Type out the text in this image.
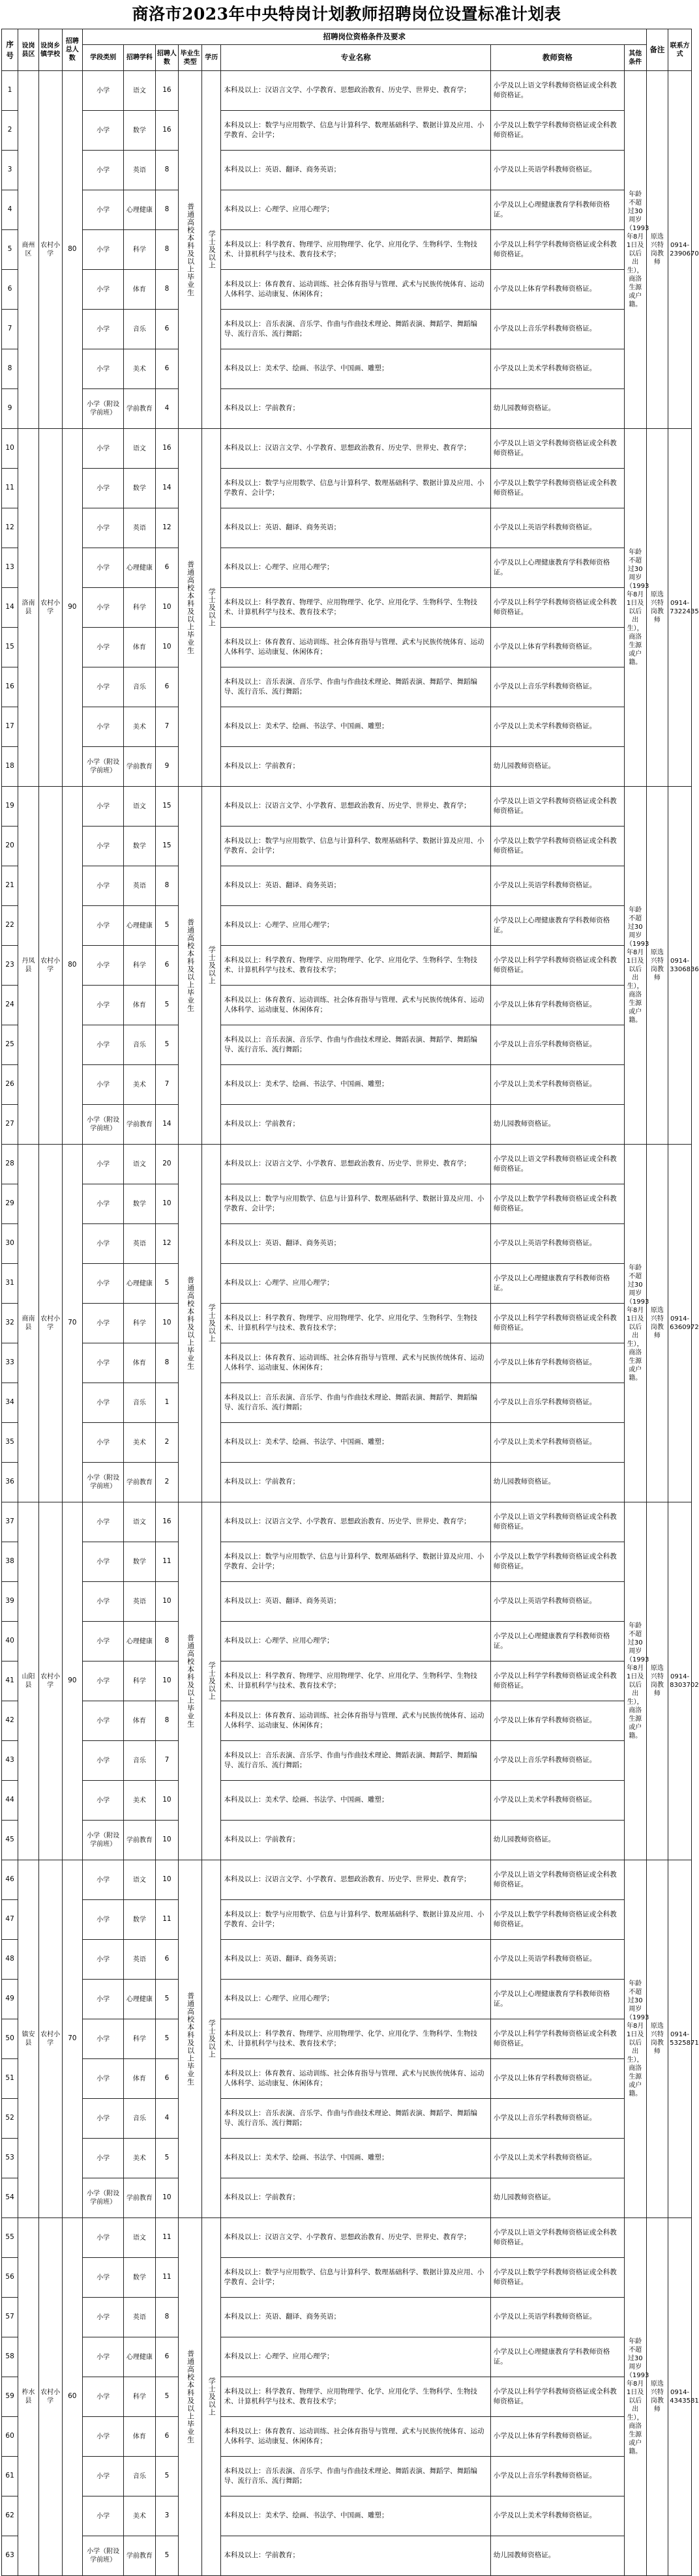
商洛市2023年中央特岗计划教师招聘岗位设置标准计划表
序号	设岗县区	设岗乡镇学校	招聘总人数	招聘岗位资格条件及要求								备注	联系方式
				学段类别	招聘学科	招聘人数	毕业生类型	学历	专业名称	教师资格	其他条件		
1	商州区	农村小学	80	小学	语文	16	普通高校本科及以上毕业生	学士及以上	本科及以上：汉语言文学、小学教育、思想政治教育、历史学、世界史、教育学；	小学及以上语文学科教师资格证或全科教师资格证。	年龄不超过30周岁（1993年8月1日及以后出生），商洛生源或户籍。	原选兴特岗教师	0914-2390670
2				小学	数学	16			本科及以上：数学与应用数学、信息与计算科学、数理基础科学、数据计算及应用、小学教育、会计学；	小学及以上数学学科教师资格证或全科教师资格证。			
3				小学	英语	8			本科及以上：英语、翻译、商务英语；	小学及以上英语学科教师资格证。			
4				小学	心理健康	8			本科及以上：心理学、应用心理学；	小学及以上心理健康教育学科教师资格证。			
5				小学	科学	8			本科及以上：科学教育、物理学、应用物理学、化学、应用化学、生物科学、生物技术、计算机科学与技术、教育技术学；	小学及以上科学学科教师资格证或全科教师资格证。			
6				小学	体育	8			本科及以上：体育教育、运动训练、社会体育指导与管理、武术与民族传统体育、运动人体科学、运动康复、休闲体育；	小学及以上体育学科教师资格证。			
7				小学	音乐	6			本科及以上：音乐表演、音乐学、作曲与作曲技术理论、舞蹈表演、舞蹈学、舞蹈编导、流行音乐、流行舞蹈；	小学及以上音乐学科教师资格证。			
8				小学	美术	6			本科及以上：美术学、绘画、书法学、中国画、雕塑；	小学及以上美术学科教师资格证。			
9				小学（附设学前班）	学前教育	4			本科及以上：学前教育；	幼儿园教师资格证。			
10	洛南县	农村小学	90	小学	语文	16	普通高校本科及以上毕业生	学士及以上	本科及以上：汉语言文学、小学教育、思想政治教育、历史学、世界史、教育学；	小学及以上语文学科教师资格证或全科教师资格证。	年龄不超过30周岁（1993年8月1日及以后出生），商洛生源或户籍。	原选兴特岗教师	0914-7322435
11				小学	数学	14			本科及以上：数学与应用数学、信息与计算科学、数理基础科学、数据计算及应用、小学教育、会计学；	小学及以上数学学科教师资格证或全科教师资格证。			
12				小学	英语	12			本科及以上：英语、翻译、商务英语；	小学及以上英语学科教师资格证。			
13				小学	心理健康	6			本科及以上：心理学、应用心理学；	小学及以上心理健康教育学科教师资格证。			
14				小学	科学	10			本科及以上：科学教育、物理学、应用物理学、化学、应用化学、生物科学、生物技术、计算机科学与技术、教育技术学；	小学及以上科学学科教师资格证或全科教师资格证。			
15				小学	体育	10			本科及以上：体育教育、运动训练、社会体育指导与管理、武术与民族传统体育、运动人体科学、运动康复、休闲体育；	小学及以上体育学科教师资格证。			
16				小学	音乐	6			本科及以上：音乐表演、音乐学、作曲与作曲技术理论、舞蹈表演、舞蹈学、舞蹈编导、流行音乐、流行舞蹈；	小学及以上音乐学科教师资格证。			
17				小学	美术	7			本科及以上：美术学、绘画、书法学、中国画、雕塑；	小学及以上美术学科教师资格证。			
18				小学（附设学前班）	学前教育	9			本科及以上：学前教育；	幼儿园教师资格证。			
19	丹凤县	农村小学	80	小学	语文	15	普通高校本科及以上毕业生	学士及以上	本科及以上：汉语言文学、小学教育、思想政治教育、历史学、世界史、教育学；	小学及以上语文学科教师资格证或全科教师资格证。	年龄不超过30周岁（1993年8月1日及以后出生），商洛生源或户籍。	原选兴特岗教师	0914-3306836
20				小学	数学	15			本科及以上：数学与应用数学、信息与计算科学、数理基础科学、数据计算及应用、小学教育、会计学；	小学及以上数学学科教师资格证或全科教师资格证。			
21				小学	英语	8			本科及以上：英语、翻译、商务英语；	小学及以上英语学科教师资格证。			
22				小学	心理健康	5			本科及以上：心理学、应用心理学；	小学及以上心理健康教育学科教师资格证。			
23				小学	科学	6			本科及以上：科学教育、物理学、应用物理学、化学、应用化学、生物科学、生物技术、计算机科学与技术、教育技术学；	小学及以上科学学科教师资格证或全科教师资格证。			
24				小学	体育	5			本科及以上：体育教育、运动训练、社会体育指导与管理、武术与民族传统体育、运动人体科学、运动康复、休闲体育；	小学及以上体育学科教师资格证。			
25				小学	音乐	5			本科及以上：音乐表演、音乐学、作曲与作曲技术理论、舞蹈表演、舞蹈学、舞蹈编导、流行音乐、流行舞蹈；	小学及以上音乐学科教师资格证。			
26				小学	美术	7			本科及以上：美术学、绘画、书法学、中国画、雕塑；	小学及以上美术学科教师资格证。			
27				小学（附设学前班）	学前教育	14			本科及以上：学前教育；	幼儿园教师资格证。			
28	商南县	农村小学	70	小学	语文	20	普通高校本科及以上毕业生	学士及以上	本科及以上：汉语言文学、小学教育、思想政治教育、历史学、世界史、教育学；	小学及以上语文学科教师资格证或全科教师资格证。	年龄不超过30周岁（1993年8月1日及以后出生），商洛生源或户籍。	原选兴特岗教师	0914-6360972
29				小学	数学	10			本科及以上：数学与应用数学、信息与计算科学、数理基础科学、数据计算及应用、小学教育、会计学；	小学及以上数学学科教师资格证或全科教师资格证。			
30				小学	英语	12			本科及以上：英语、翻译、商务英语；	小学及以上英语学科教师资格证。			
31				小学	心理健康	5			本科及以上：心理学、应用心理学；	小学及以上心理健康教育学科教师资格证。			
32				小学	科学	10			本科及以上：科学教育、物理学、应用物理学、化学、应用化学、生物科学、生物技术、计算机科学与技术、教育技术学；	小学及以上科学学科教师资格证或全科教师资格证。			
33				小学	体育	8			本科及以上：体育教育、运动训练、社会体育指导与管理、武术与民族传统体育、运动人体科学、运动康复、休闲体育；	小学及以上体育学科教师资格证。			
34				小学	音乐	1			本科及以上：音乐表演、音乐学、作曲与作曲技术理论、舞蹈表演、舞蹈学、舞蹈编导、流行音乐、流行舞蹈；	小学及以上音乐学科教师资格证。			
35				小学	美术	2			本科及以上：美术学、绘画、书法学、中国画、雕塑；	小学及以上美术学科教师资格证。			
36				小学（附设学前班）	学前教育	2			本科及以上：学前教育；	幼儿园教师资格证。			
37	山阳县	农村小学	90	小学	语文	16	普通高校本科及以上毕业生	学士及以上	本科及以上：汉语言文学、小学教育、思想政治教育、历史学、世界史、教育学；	小学及以上语文学科教师资格证或全科教师资格证。	年龄不超过30周岁（1993年8月1日及以后出生），商洛生源或户籍。	原选兴特岗教师	0914-8303702
38				小学	数学	11			本科及以上：数学与应用数学、信息与计算科学、数理基础科学、数据计算及应用、小学教育、会计学；	小学及以上数学学科教师资格证或全科教师资格证。			
39				小学	英语	10			本科及以上：英语、翻译、商务英语；	小学及以上英语学科教师资格证。			
40				小学	心理健康	8			本科及以上：心理学、应用心理学；	小学及以上心理健康教育学科教师资格证。			
41				小学	科学	10			本科及以上：科学教育、物理学、应用物理学、化学、应用化学、生物科学、生物技术、计算机科学与技术、教育技术学；	小学及以上科学学科教师资格证或全科教师资格证。			
42				小学	体育	8			本科及以上：体育教育、运动训练、社会体育指导与管理、武术与民族传统体育、运动人体科学、运动康复、休闲体育；	小学及以上体育学科教师资格证。			
43				小学	音乐	7			本科及以上：音乐表演、音乐学、作曲与作曲技术理论、舞蹈表演、舞蹈学、舞蹈编导、流行音乐、流行舞蹈；	小学及以上音乐学科教师资格证。			
44				小学	美术	10			本科及以上：美术学、绘画、书法学、中国画、雕塑；	小学及以上美术学科教师资格证。			
45				小学（附设学前班）	学前教育	10			本科及以上：学前教育；	幼儿园教师资格证。			
46	镇安县	农村小学	70	小学	语文	10	普通高校本科及以上毕业生	学士及以上	本科及以上：汉语言文学、小学教育、思想政治教育、历史学、世界史、教育学；	小学及以上语文学科教师资格证或全科教师资格证。	年龄不超过30周岁（1993年8月1日及以后出生），商洛生源或户籍。	原选兴特岗教师	0914-5325871
47				小学	数学	11			本科及以上：数学与应用数学、信息与计算科学、数理基础科学、数据计算及应用、小学教育、会计学；	小学及以上数学学科教师资格证或全科教师资格证。			
48				小学	英语	6			本科及以上：英语、翻译、商务英语；	小学及以上英语学科教师资格证。			
49				小学	心理健康	5			本科及以上：心理学、应用心理学；	小学及以上心理健康教育学科教师资格证。			
50				小学	科学	5			本科及以上：科学教育、物理学、应用物理学、化学、应用化学、生物科学、生物技术、计算机科学与技术、教育技术学；	小学及以上科学学科教师资格证或全科教师资格证。			
51				小学	体育	6			本科及以上：体育教育、运动训练、社会体育指导与管理、武术与民族传统体育、运动人体科学、运动康复、休闲体育；	小学及以上体育学科教师资格证。			
52				小学	音乐	4			本科及以上：音乐表演、音乐学、作曲与作曲技术理论、舞蹈表演、舞蹈学、舞蹈编导、流行音乐、流行舞蹈；	小学及以上音乐学科教师资格证。			
53				小学	美术	5			本科及以上：美术学、绘画、书法学、中国画、雕塑；	小学及以上美术学科教师资格证。			
54				小学（附设学前班）	学前教育	10			本科及以上：学前教育；	幼儿园教师资格证。			
55	柞水县	农村小学	60	小学	语文	11	普通高校本科及以上毕业生	学士及以上	本科及以上：汉语言文学、小学教育、思想政治教育、历史学、世界史、教育学；	小学及以上语文学科教师资格证或全科教师资格证。	年龄不超过30周岁（1993年8月1日及以后出生），商洛生源或户籍。	原选兴特岗教师	0914-4343581
56				小学	数学	11			本科及以上：数学与应用数学、信息与计算科学、数理基础科学、数据计算及应用、小学教育、会计学；	小学及以上数学学科教师资格证或全科教师资格证。			
57				小学	英语	8			本科及以上：英语、翻译、商务英语；	小学及以上英语学科教师资格证。			
58				小学	心理健康	6			本科及以上：心理学、应用心理学；	小学及以上心理健康教育学科教师资格证。			
59				小学	科学	5			本科及以上：科学教育、物理学、应用物理学、化学、应用化学、生物科学、生物技术、计算机科学与技术、教育技术学；	小学及以上科学学科教师资格证或全科教师资格证。			
60				小学	体育	6			本科及以上：体育教育、运动训练、社会体育指导与管理、武术与民族传统体育、运动人体科学、运动康复、休闲体育；	小学及以上体育学科教师资格证。			
61				小学	音乐	5			本科及以上：音乐表演、音乐学、作曲与作曲技术理论、舞蹈表演、舞蹈学、舞蹈编导、流行音乐、流行舞蹈；	小学及以上音乐学科教师资格证。			
62				小学	美术	3			本科及以上：美术学、绘画、书法学、中国画、雕塑；	小学及以上美术学科教师资格证。			
63				小学（附设学前班）	学前教育	5			本科及以上：学前教育；	幼儿园教师资格证。			
